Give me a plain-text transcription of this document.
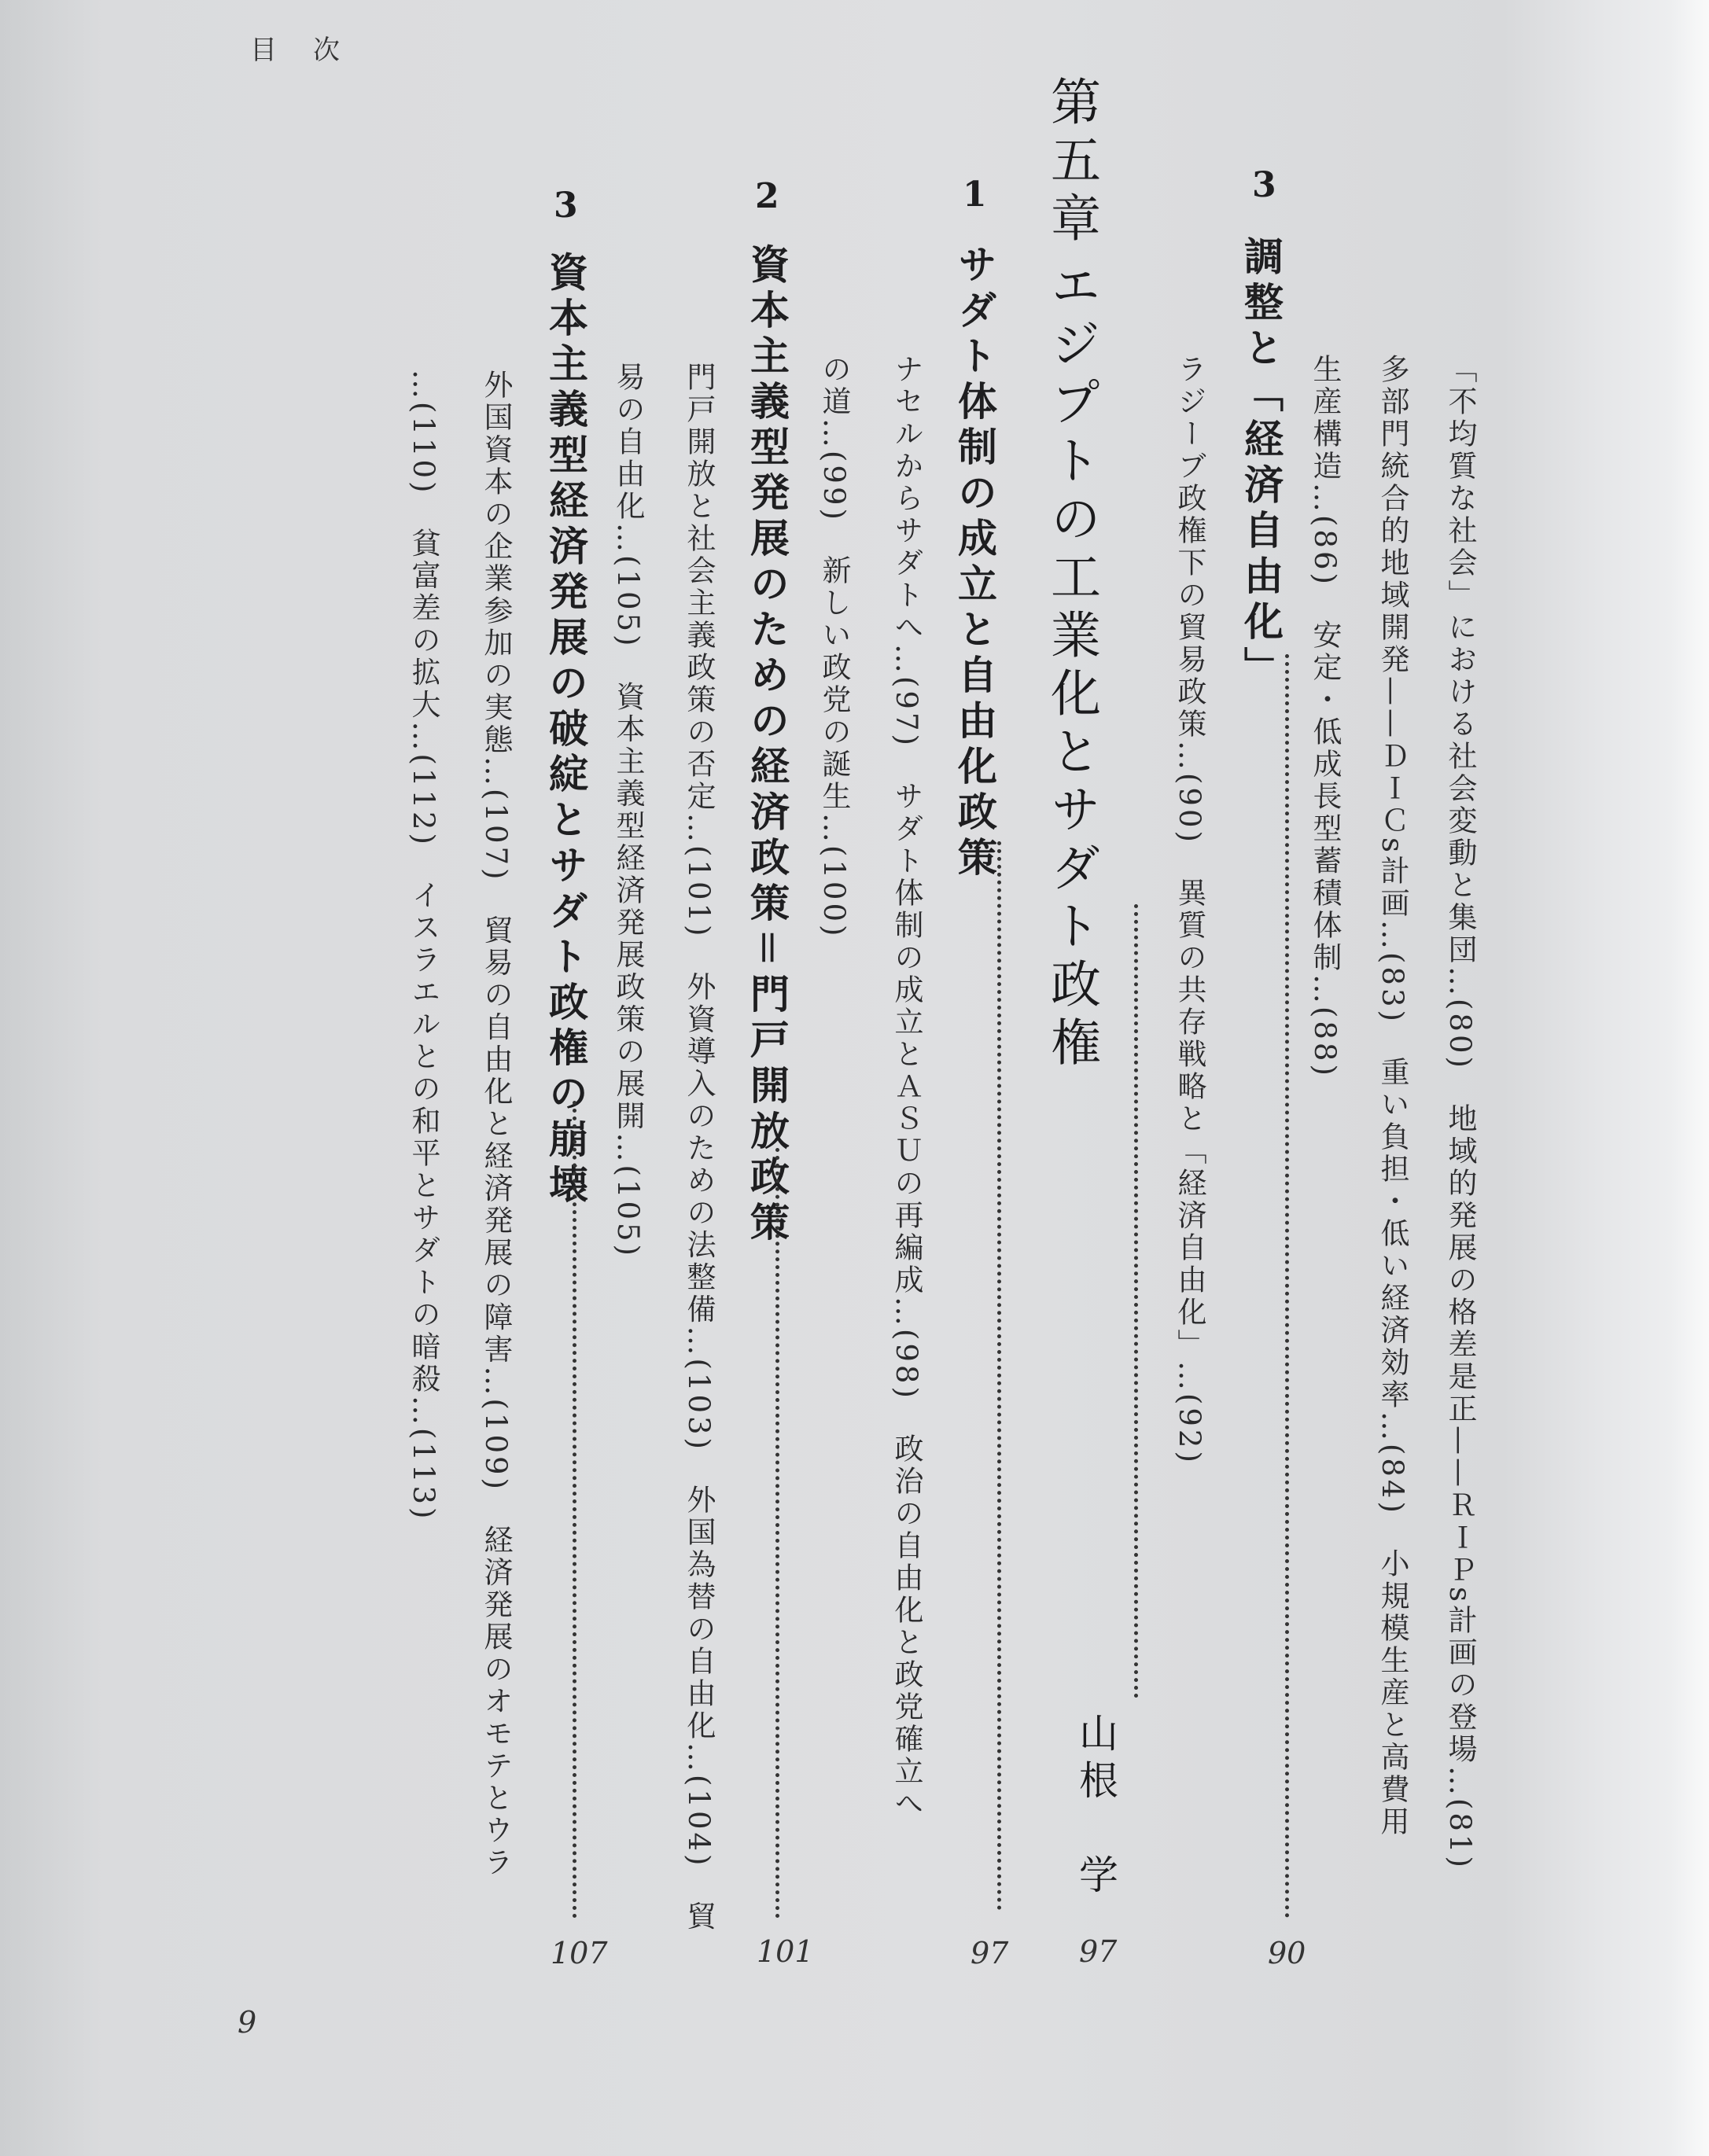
目次
「不均質な社会」における社会変動と集団…(80)　地域的発展の格差是正——ＲＩＰs計画の登場…(81)
多部門統合的地域開発——ＤＩＣs計画…(83)　重い負担・低い経済効率…(84)　小規模生産と高費用
生産構造…(86)　安定・低成長型蓄積体制…(88)
3
調整と「経済自由化」
90
ラジーブ政権下の貿易政策…(90)　異質の共存戦略と「経済自由化」…(92)
第五章
エジプトの工業化とサダト政権
山根　学
97
1
サダト体制の成立と自由化政策
97
ナセルからサダトへ…(97)　サダト体制の成立とＡＳＵの再編成…(98)　政治の自由化と政党確立へ
の道…(99)　新しい政党の誕生…(100)
2
資本主義型発展のための経済政策＝門戸開放政策
101
門戸開放と社会主義政策の否定…(101)　外資導入のための法整備…(103)　外国為替の自由化…(104)　貿
易の自由化…(105)　資本主義型経済発展政策の展開…(105)
3
資本主義型経済発展の破綻とサダト政権の崩壊
107
外国資本の企業参加の実態…(107)　貿易の自由化と経済発展の障害…(109)　経済発展のオモテとウラ
…(110)　貧富差の拡大…(112)　イスラエルとの和平とサダトの暗殺…(113)
9
